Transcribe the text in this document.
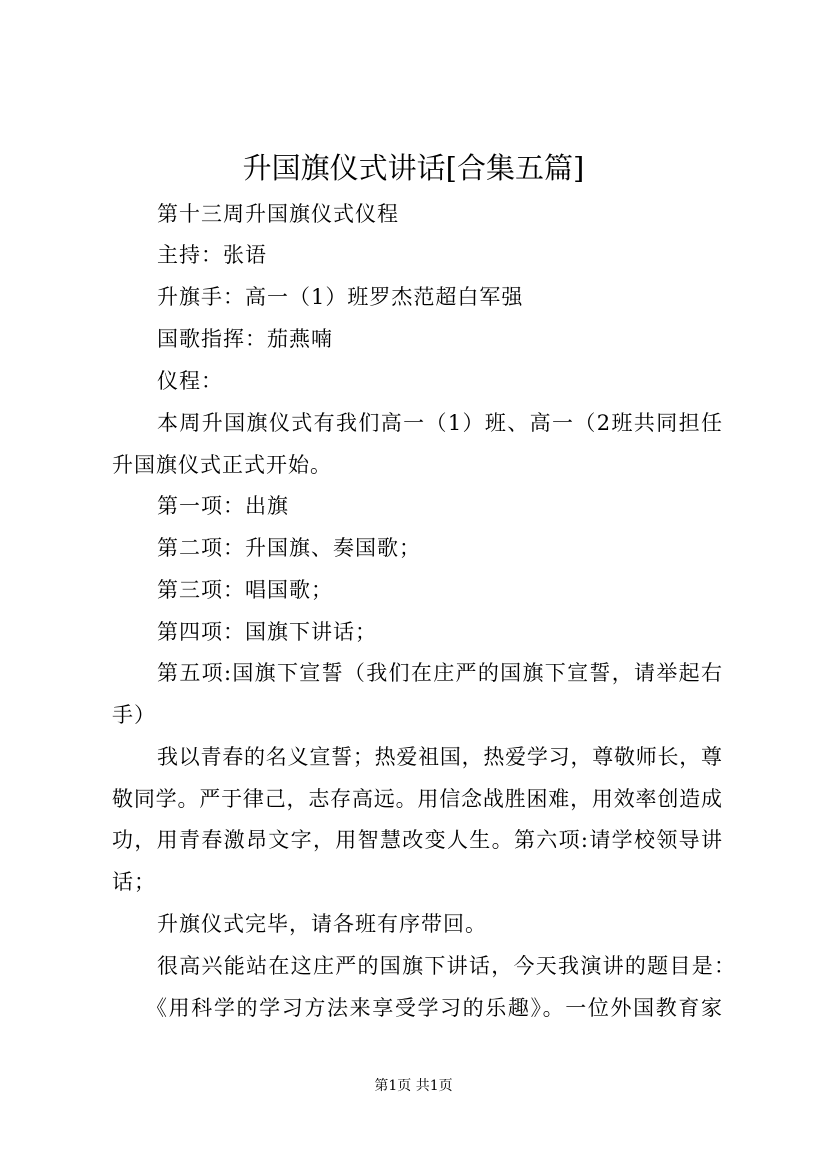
升国旗仪式讲话[合集五篇]
第十三周升国旗仪式仪程
主持：张语
升旗手：高一（1）班罗杰范超白军强
国歌指挥：茄燕喃
仪程：
本周升国旗仪式有我们高一（1）班、高一（2班共同担任
升国旗仪式正式开始。
第一项：出旗
第二项：升国旗、奏国歌；
第三项：唱国歌；
第四项：国旗下讲话；
第五项:国旗下宣誓（我们在庄严的国旗下宣誓，请举起右
手）
我以青春的名义宣誓；热爱祖国，热爱学习，尊敬师长，尊
敬同学。严于律己，志存高远。用信念战胜困难，用效率创造成
功，用青春激昂文字，用智慧改变人生。第六项:请学校领导讲
话；
升旗仪式完毕，请各班有序带回。
很高兴能站在这庄严的国旗下讲话，今天我演讲的题目是：
《用科学的学习方法来享受学习的乐趣》。一位外国教育家
第1页 共1页
